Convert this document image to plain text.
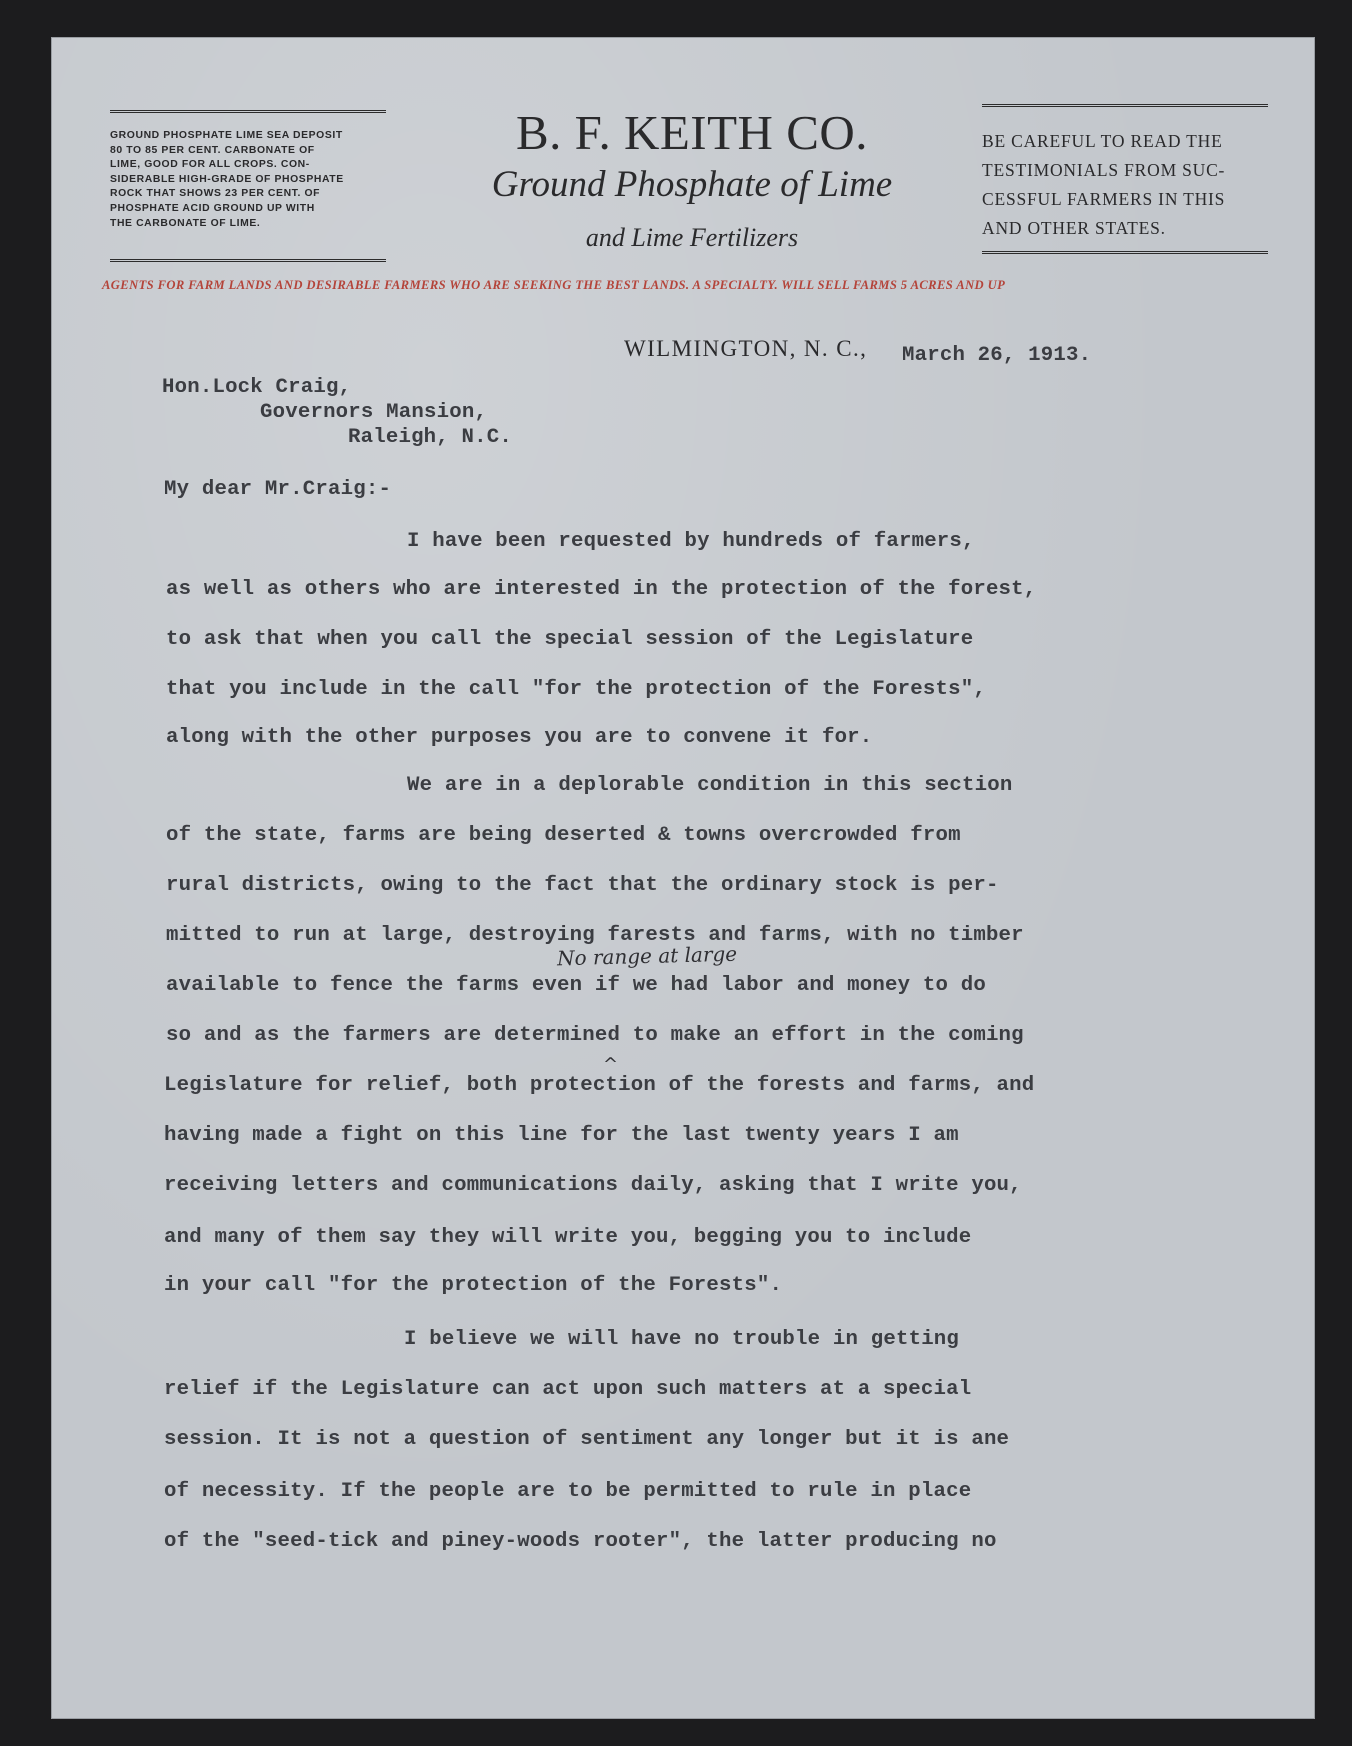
GROUND PHOSPHATE LIME SEA DEPOSIT

80 TO 85 PER CENT. CARBONATE OF

LIME, GOOD FOR ALL CROPS. CON-

SIDERABLE HIGH-GRADE OF PHOSPHATE

ROCK THAT SHOWS 23 PER CENT. OF

PHOSPHATE ACID GROUND UP WITH

THE CARBONATE OF LIME.

B. F. KEITH CO.

Ground Phosphate of Lime

and Lime Fertilizers

BE CAREFUL TO READ THE

TESTIMONIALS FROM SUC-

CESSFUL FARMERS IN THIS

AND OTHER STATES.

AGENTS FOR FARM LANDS AND DESIRABLE FARMERS WHO ARE SEEKING THE BEST LANDS. A SPECIALTY. WILL SELL FARMS 5 ACRES AND UP

WILMINGTON, N. C., March 26, 1913.

Hon.Lock Craig,

Governors Mansion,

Raleigh, N.C.

My dear Mr.Craig:-

I have been requested by hundreds of farmers,

as well as others who are interested in the protection of the forest,

to ask that when you call the special session of the Legislature

that you include in the call "for the protection of the Forests",

along with the other purposes you are to convene it for.

We are in a deplorable condition in this section

of the state, farms are being deserted & towns overcrowded from

rural districts, owing to the fact that the ordinary stock is per-

mitted to run at large, destroying farests and farms, with no timber

No range at large

available to fence the farms even if we had labor and money to do

^

so and as the farmers are determined to make an effort in the coming

Legislature for relief, both protection of the forests and farms, and

having made a fight on this line for the last twenty years I am

receiving letters and communications daily, asking that I write you,

and many of them say they will write you, begging you to include

in your call "for the protection of the Forests".

I believe we will have no trouble in getting

relief if the Legislature can act upon such matters at a special

session. It is not a question of sentiment any longer but it is ane

of necessity. If the people are to be permitted to rule in place

of the "seed-tick and piney-woods rooter", the latter producing no
